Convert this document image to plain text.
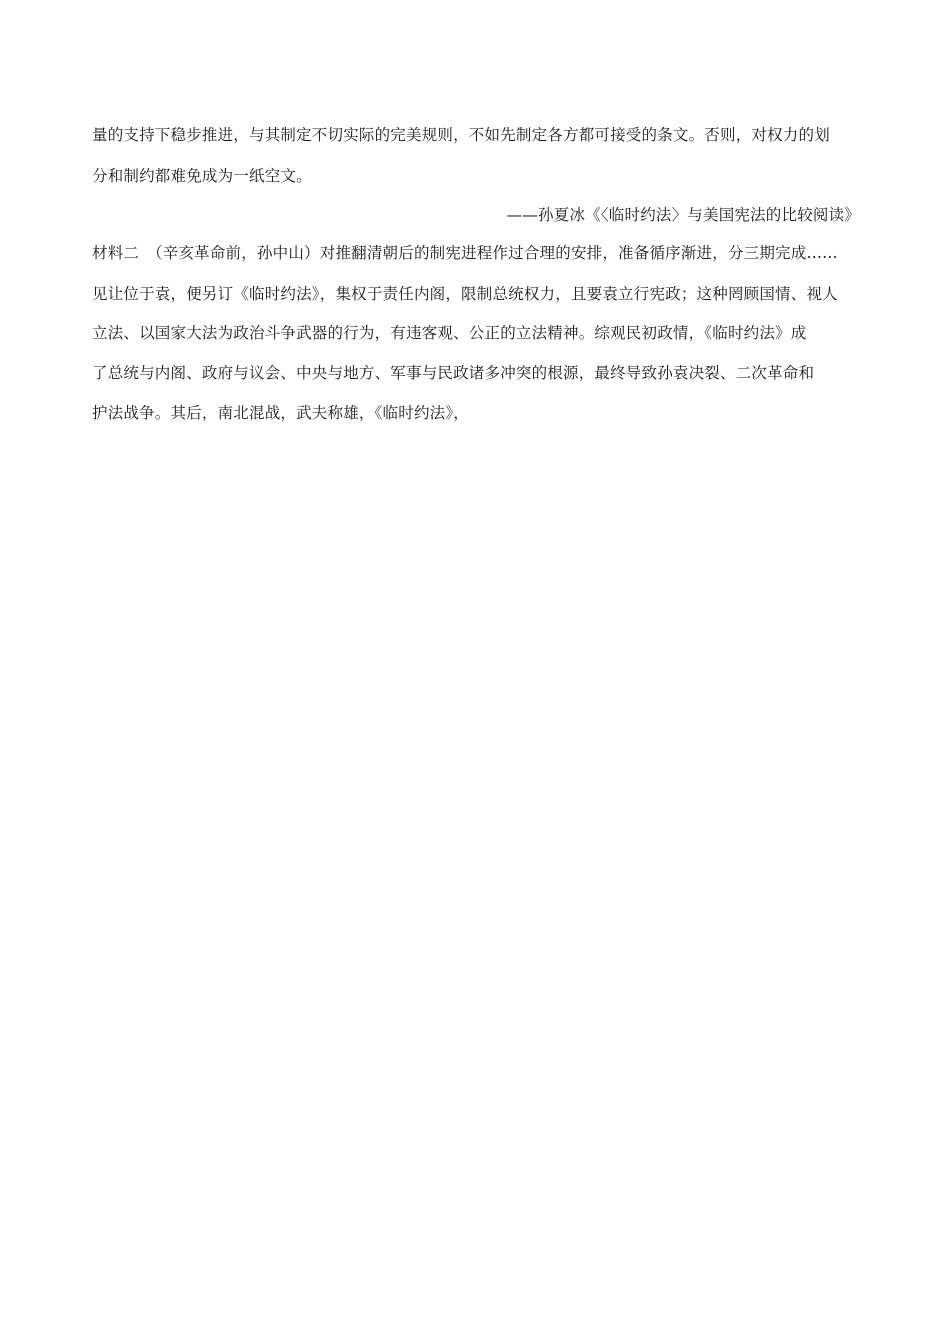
量的支持下稳步推进，与其制定不切实际的完美规则，不如先制定各方都可接受的条文。否则，对权力的划
分和制约都难免成为一纸空文。
——孙夏冰《〈临时约法〉与美国宪法的比较阅读》
材料二　（辛亥革命前，孙中山）对推翻清朝后的制宪进程作过合理的安排，准备循序渐进，分三期完成……
见让位于袁，便另订《临时约法》，集权于责任内阁，限制总统权力，且要袁立行宪政；这种罔顾国情、视人
立法、以国家大法为政治斗争武器的行为，有违客观、公正的立法精神。综观民初政情，《临时约法》成
了总统与内阁、政府与议会、中央与地方、军事与民政诸多冲突的根源，最终导致孙袁决裂、二次革命和
护法战争。其后，南北混战，武夫称雄，《临时约法》，
